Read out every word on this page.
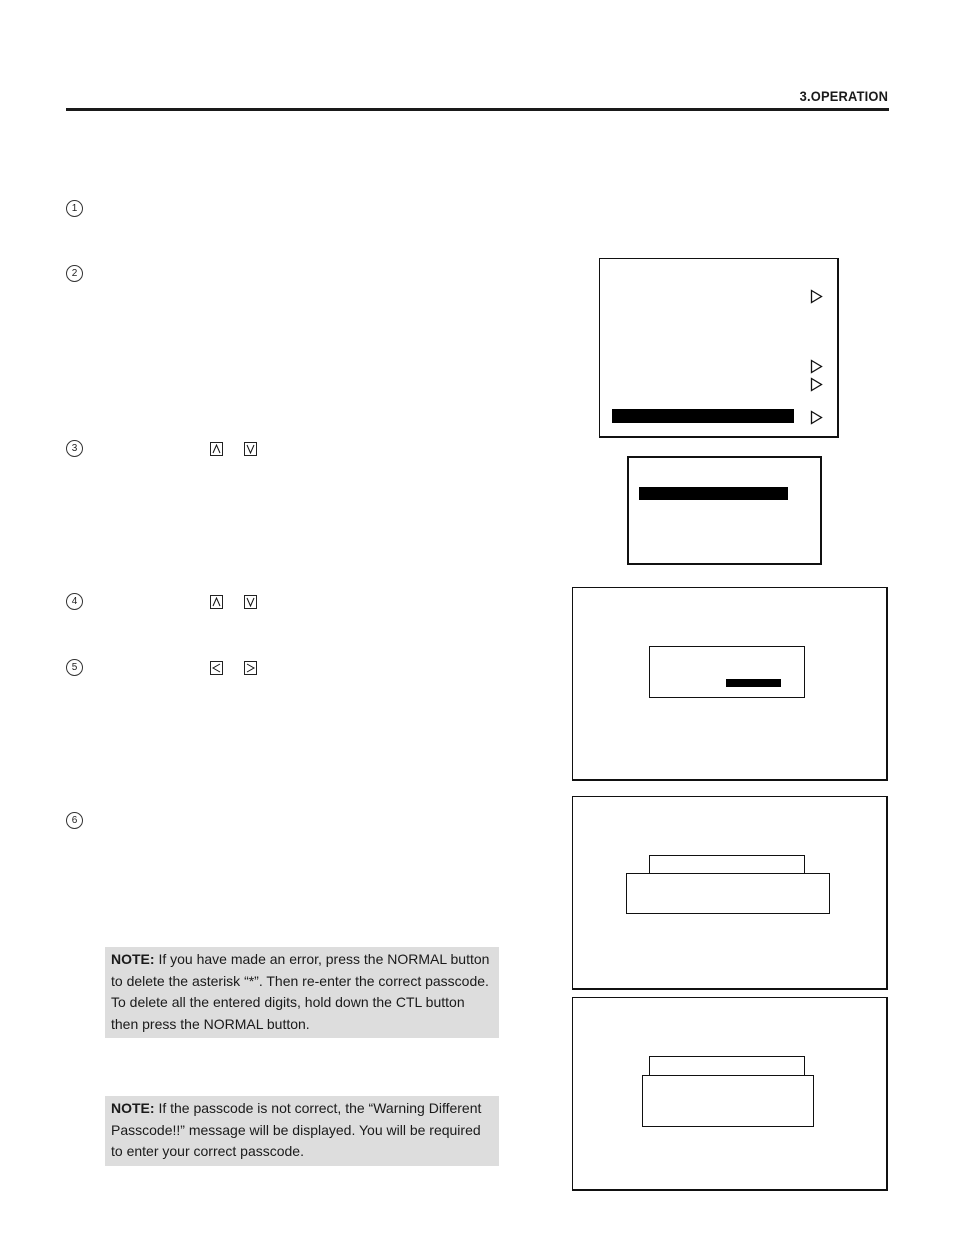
3.OPERATION
1
2
3
4
5
6
NOTE: If you have made an error, press the NORMAL button to delete the asterisk “*”. Then re-enter the correct passcode. To delete all the entered digits, hold down the CTL button then press the NORMAL button.
NOTE: If the passcode is not correct, the “Warning Different Passcode!!” message will be displayed. You will be required to enter your correct passcode.
